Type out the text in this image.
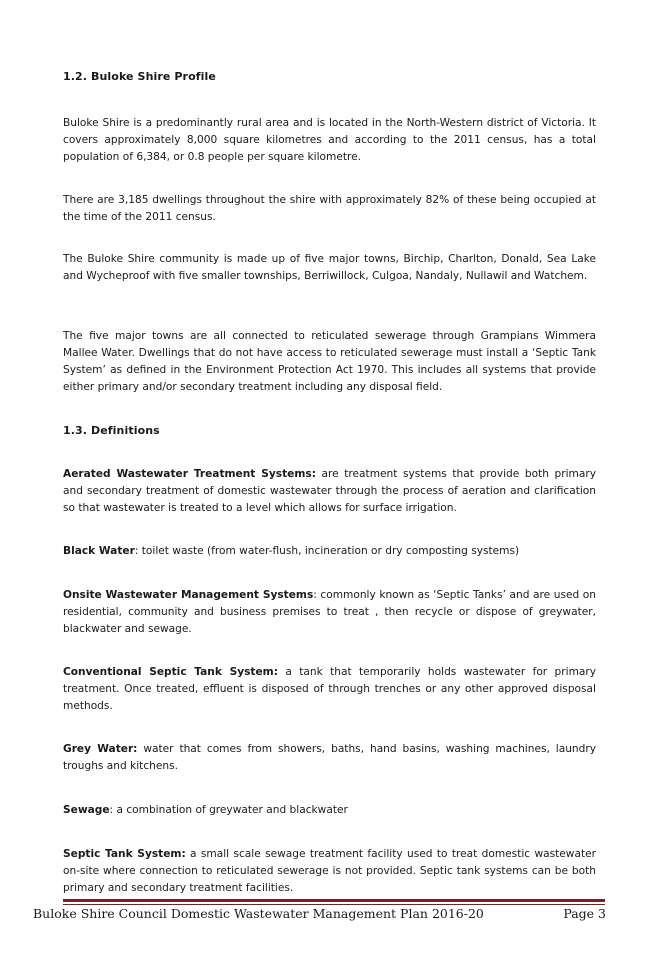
1.2. Buloke Shire Profile

Buloke Shire is a predominantly rural area and is located in the North-Western district of Victoria. It covers approximately 8,000 square kilometres and according to the 2011 census, has a total population of 6,384, or 0.8 people per square kilometre.

There are 3,185 dwellings throughout the shire with approximately 82% of these being occupied at the time of the 2011 census.

The Buloke Shire community is made up of five major towns, Birchip, Charlton, Donald, Sea Lake and Wycheproof with five smaller townships, Berriwillock, Culgoa, Nandaly, Nullawil and Watchem.

The five major towns are all connected to reticulated sewerage through Grampians Wimmera Mallee Water. Dwellings that do not have access to reticulated sewerage must install a ‘Septic Tank System’ as defined in the Environment Protection Act 1970. This includes all systems that provide either primary and/or secondary treatment including any disposal field.

1.3. Definitions

Aerated Wastewater Treatment Systems: are treatment systems that provide both primary and secondary treatment of domestic wastewater through the process of aeration and clarification so that wastewater is treated to a level which allows for surface irrigation.

Black Water: toilet waste (from water-flush, incineration or dry composting systems)

Onsite Wastewater Management Systems: commonly known as ‘Septic Tanks’ and are used on residential, community and business premises to treat , then recycle or dispose of greywater, blackwater and sewage.

Conventional Septic Tank System: a tank that temporarily holds wastewater for primary treatment. Once treated, effluent is disposed of through trenches or any other approved disposal methods.

Grey Water: water that comes from showers, baths, hand basins, washing machines, laundry troughs and kitchens.

Sewage: a combination of greywater and blackwater

Septic Tank System: a small scale sewage treatment facility used to treat domestic wastewater on-site where connection to reticulated sewerage is not provided. Septic tank systems can be both primary and secondary treatment facilities.

Buloke Shire Council Domestic Wastewater Management Plan 2016-20	Page 3
